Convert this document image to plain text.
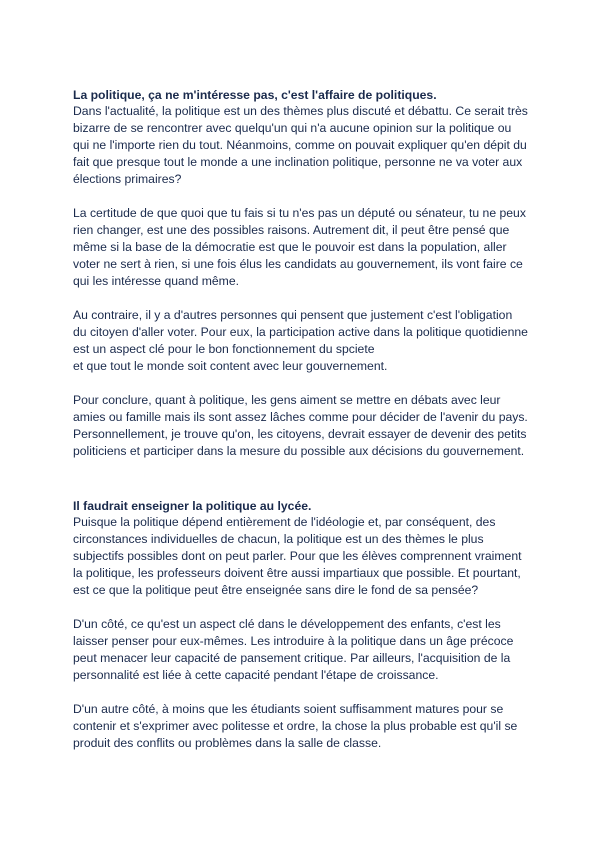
La politique, ça ne m'intéresse pas, c'est l'affaire de politiques.

Dans l'actualité, la politique est un des thèmes plus discuté et débattu. Ce serait très
bizarre de se rencontrer avec quelqu'un qui n'a aucune opinion sur la politique ou
qui ne l'importe rien du tout. Néanmoins, comme on pouvait expliquer qu'en dépit du
fait que presque tout le monde a une inclination politique, personne ne va voter aux
élections primaires?

La certitude de que quoi que tu fais si tu n'es pas un député ou sénateur, tu ne peux
rien changer, est une des possibles raisons. Autrement dit, il peut être pensé que
même si la base de la démocratie est que le pouvoir est dans la population, aller
voter ne sert à rien, si une fois élus les candidats au gouvernement, ils vont faire ce
qui les intéresse quand même.

Au contraire, il y a d'autres personnes qui pensent que justement c'est l'obligation
du citoyen d'aller voter. Pour eux, la participation active dans la politique quotidienne
est un aspect clé pour le bon fonctionnement du spciete
et que tout le monde soit content avec leur gouvernement.

Pour conclure, quant à politique, les gens aiment se mettre en débats avec leur
amies ou famille mais ils sont assez lâches comme pour décider de l'avenir du pays.
Personnellement, je trouve qu'on, les citoyens, devrait essayer de devenir des petits
politiciens et participer dans la mesure du possible aux décisions du gouvernement.

Il faudrait enseigner la politique au lycée.

Puisque la politique dépend entièrement de l'idéologie et, par conséquent, des
circonstances individuelles de chacun, la politique est un des thèmes le plus
subjectifs possibles dont on peut parler. Pour que les élèves comprennent vraiment
la politique, les professeurs doivent être aussi impartiaux que possible. Et pourtant,
est ce que la politique peut être enseignée sans dire le fond de sa pensée?

D'un côté, ce qu'est un aspect clé dans le développement des enfants, c'est les
laisser penser pour eux-mêmes. Les introduire à la politique dans un âge précoce
peut menacer leur capacité de pansement critique. Par ailleurs, l'acquisition de la
personnalité est liée à cette capacité pendant l'étape de croissance.

D'un autre côté, à moins que les étudiants soient suffisamment matures pour se
contenir et s'exprimer avec politesse et ordre, la chose la plus probable est qu'il se
produit des conflits ou problèmes dans la salle de classe.
